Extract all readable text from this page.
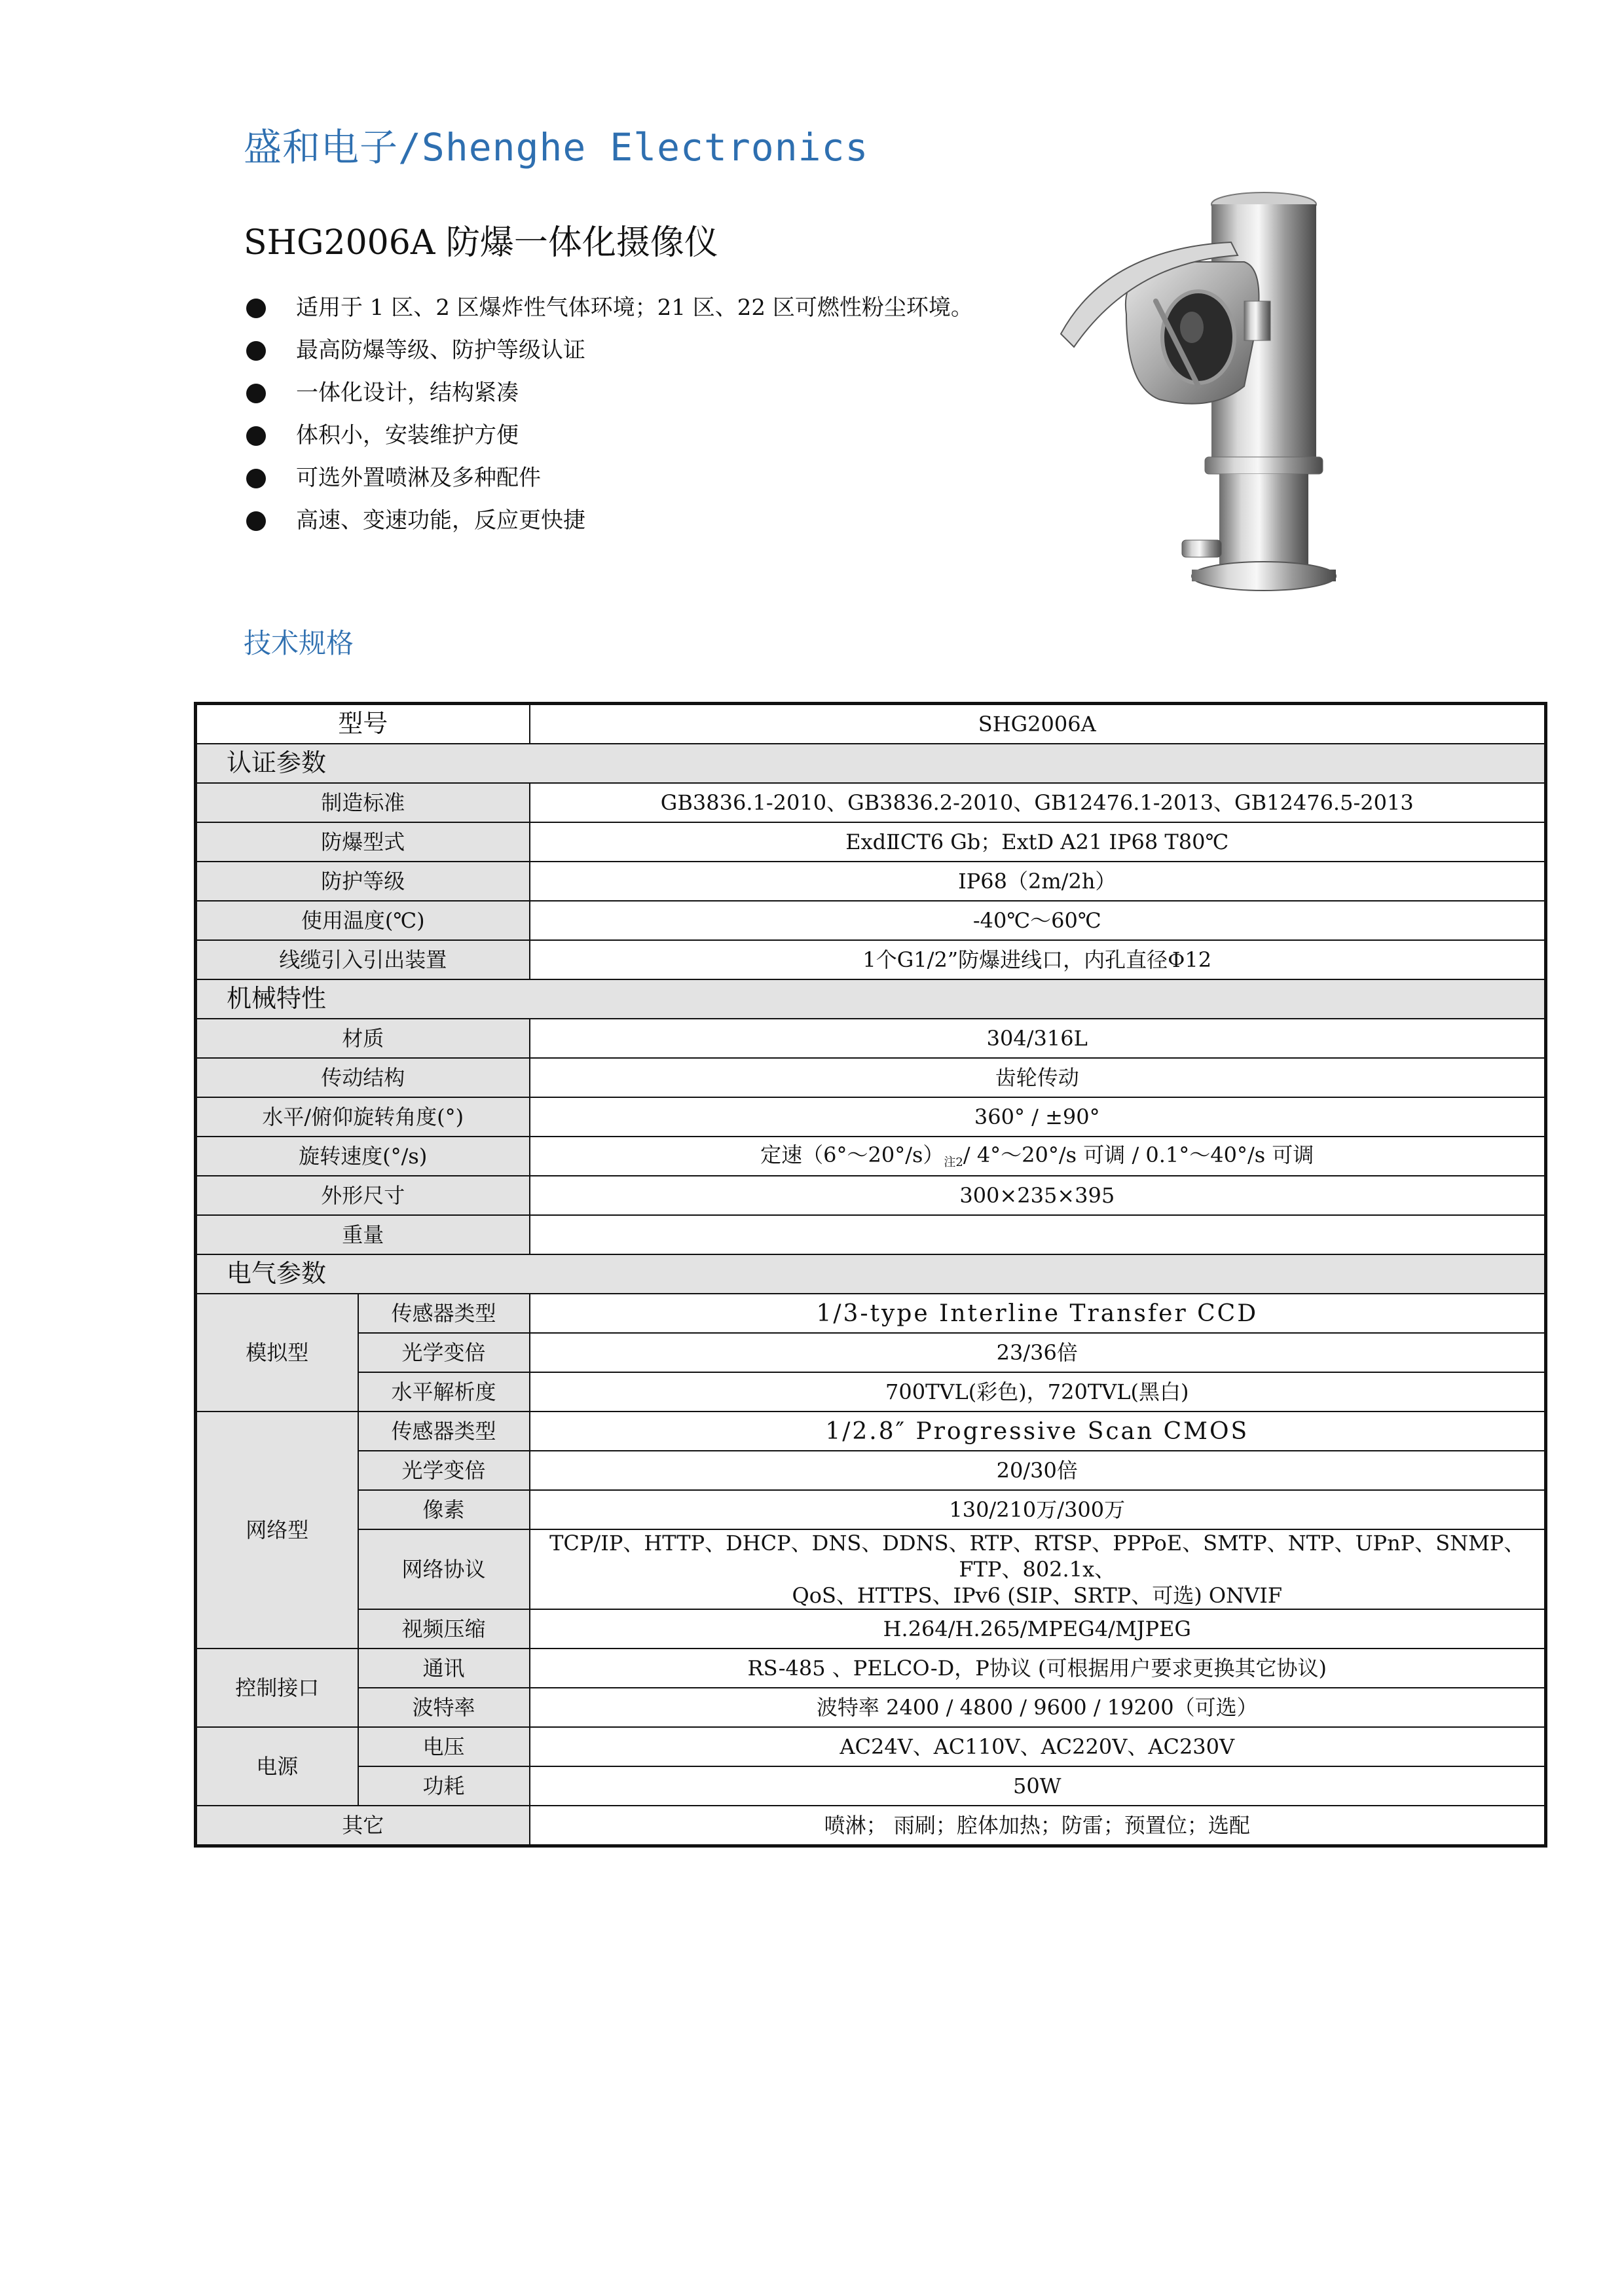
盛和电子/Shenghe Electronics
SHG2006A 防爆一体化摄像仪
适用于 1 区、2 区爆炸性气体环境；21 区、22 区可燃性粉尘环境。
最高防爆等级、防护等级认证
一体化设计，结构紧凑
体积小，安装维护方便
可选外置喷淋及多种配件
高速、变速功能，反应更快捷
技术规格
型号		SHG2006A
认证参数		
制造标准		GB3836.1-2010、GB3836.2-2010、GB12476.1-2013、GB12476.5-2013
防爆型式		ExdⅡCT6 Gb；ExtD A21 IP68 T80℃
防护等级		IP68（2m/2h）
使用温度(℃)		-40℃～60℃
线缆引入引出装置		1个G1/2”防爆进线口，内孔直径Φ12
机械特性		
材质		304/316L
传动结构		齿轮传动
水平/俯仰旋转角度(°)		360° / ±90°
旋转速度(°/s)		定速（6°～20°/s）注2/ 4°～20°/s 可调 / 0.1°～40°/s 可调
外形尺寸		300×235×395
重量		
电气参数		
模拟型	传感器类型	1/3-type Interline Transfer CCD
	光学变倍	23/36倍
	水平解析度	700TVL(彩色)，720TVL(黑白)
网络型	传感器类型	1/2.8″ Progressive Scan CMOS
	光学变倍	20/30倍
	像素	130/210万/300万
	网络协议	TCP/IP、HTTP、DHCP、DNS、DDNS、RTP、RTSP、PPPoE、SMTP、NTP、UPnP、SNMP、FTP、802.1x、
QoS、HTTPS、IPv6 (SIP、SRTP、可选) ONVIF

	视频压缩	H.264/H.265/MPEG4/MJPEG
控制接口	通讯	RS-485 、PELCO-D，P协议 (可根据用户要求更换其它协议)
	波特率	波特率 2400 / 4800 / 9600 / 19200（可选）
电源	电压	AC24V、AC110V、AC220V、AC230V
	功耗	50W
其它		喷淋； 雨刷；腔体加热；防雷；预置位；选配
